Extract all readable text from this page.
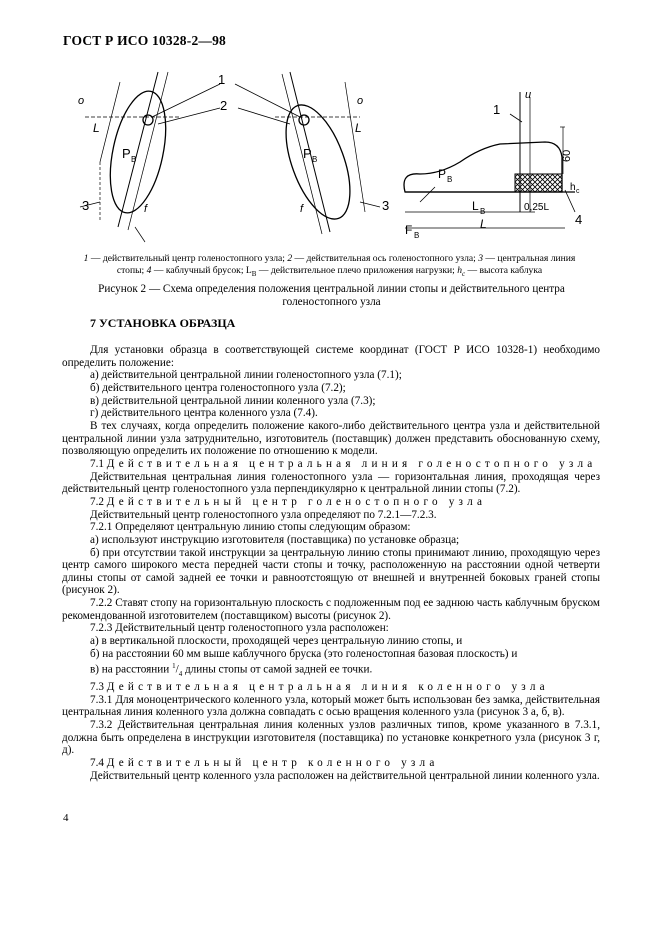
ГОСТ Р ИСО 10328-2—98
1
2	1
3	3
4
P B	P B
P B
F B
L B
L
0,25L
60
h c
o	o	u
f	f
L	L
1 — действительный центр голеностопного узла; 2 — действительная ось голеностопного узла; 3 — центральная линия стопы; 4 — каблучный брусок; $L_B$ — действительное плечо приложения нагрузки; $h_c$ — высота каблука
Рисунок 2 — Схема определения положения центральной линии стопы и действительного центра голеностопного узла
7 УСТАНОВКА ОБРАЗЦА

Для установки образца в соответствующей системе координат (ГОСТ Р ИСО 10328-1) необходимо определить положение:

а) действительной центральной линии голеностопного узла (7.1);

б) действительного центра голеностопного узла (7.2);

в) действительной центральной линии коленного узла (7.3);

г) действительного центра коленного узла (7.4).

В тех случаях, когда определить положение какого-либо действительного центра узла и действительной центральной линии узла затруднительно, изготовитель (поставщик) должен представить обоснованную схему, позволяющую определить их положение по отношению к модели.

7.1 Действительная центральная линия голеностопного узла

Действительная центральная линия голеностопного узла — горизонтальная линия, проходящая через действительный центр голеностопного узла перпендикулярно к центральной линии стопы (7.2).

7.2 Действительный центр голеностопного узла

Действительный центр голеностопного узла определяют по 7.2.1—7.2.3.

7.2.1 Определяют центральную линию стопы следующим образом:

а) используют инструкцию изготовителя (поставщика) по установке образца;

б) при отсутствии такой инструкции за центральную линию стопы принимают линию, проходящую через центр самого широкого места передней части стопы и точку, расположенную на расстоянии одной четверти длины стопы от самой задней ее точки и равноотстоящую от внешней и внутренней боковых граней стопы (рисунок 2).

7.2.2 Ставят стопу на горизонтальную плоскость с подложенным под ее заднюю часть каблучным бруском рекомендованной изготовителем (поставщиком) высоты (рисунок 2).

7.2.3 Действительный центр голеностопного узла расположен:

а) в вертикальной плоскости, проходящей через центральную линию стопы, и

б) на расстоянии 60 мм выше каблучного бруска (это голеностопная базовая плоскость) и

в) на расстоянии $^1/_4$ длины стопы от самой задней ее точки.

7.3 Действительная центральная линия коленного узла

7.3.1 Для моноцентрического коленного узла, который может быть использован без замка, действительная центральная линия коленного узла должна совпадать с осью вращения коленного узла (рисунок 3 а, б, в).

7.3.2 Действительная центральная линия коленных узлов различных типов, кроме указанного в 7.3.1, должна быть определена в инструкции изготовителя (поставщика) по установке конкретного узла (рисунок 3 г, д).

7.4 Действительный центр коленного узла

Действительный центр коленного узла расположен на действительной центральной линии коленного узла.

4
